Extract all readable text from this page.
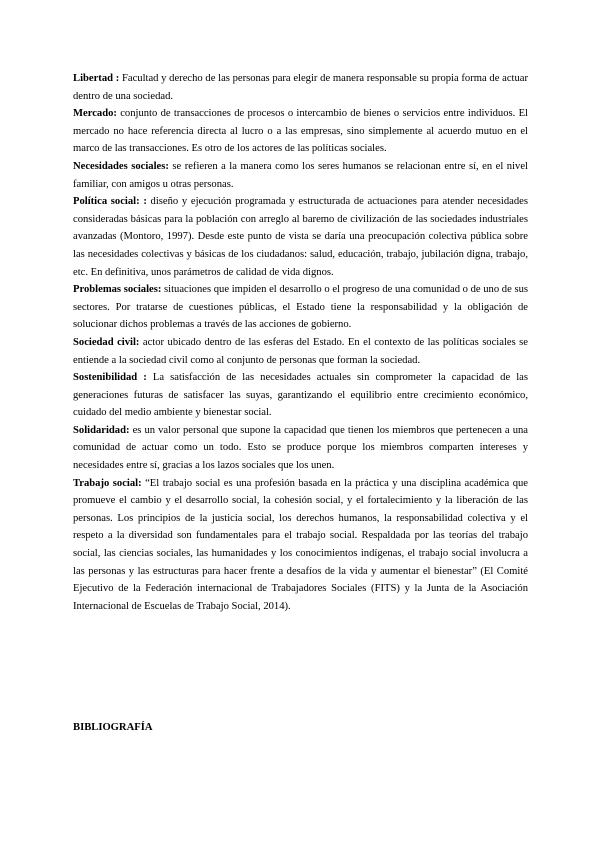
Libertad : Facultad y derecho de las personas para elegir de manera responsable su propia forma de actuar dentro de una sociedad.

Mercado: conjunto de transacciones de procesos o intercambio de bienes o servicios entre individuos. El mercado no hace referencia directa al lucro o a las empresas, sino simplemente al acuerdo mutuo en el marco de las transacciones. Es otro de los actores de las políticas sociales.

Necesidades sociales: se refieren a la manera como los seres humanos se relacionan entre sí, en el nivel familiar, con amigos u otras personas.

Política social: : diseño y ejecución programada y estructurada de actuaciones para atender necesidades consideradas básicas para la población con arreglo al baremo de civilización de las sociedades industriales avanzadas (Montoro, 1997). Desde este punto de vista se daría una preocupación colectiva pública sobre las necesidades colectivas y básicas de los ciudadanos: salud, educación, trabajo, jubilación digna, trabajo, etc. En definitiva, unos parámetros de calidad de vida dignos.

Problemas sociales: situaciones que impiden el desarrollo o el progreso de una comunidad o de uno de sus sectores. Por tratarse de cuestiones públicas, el Estado tiene la responsabilidad y la obligación de solucionar dichos problemas a través de las acciones de gobierno.

Sociedad civil: actor ubicado dentro de las esferas del Estado. En el contexto de las políticas sociales se entiende a la sociedad civil como al conjunto de personas que forman la sociedad.

Sostenibilidad : La satisfacción de las necesidades actuales sin comprometer la capacidad de las generaciones futuras de satisfacer las suyas, garantizando el equilibrio entre crecimiento económico, cuidado del medio ambiente y bienestar social.

Solidaridad: es un valor personal que supone la capacidad que tienen los miembros que pertenecen a una comunidad de actuar como un todo. Esto se produce porque los miembros comparten intereses y necesidades entre sí, gracias a los lazos sociales que los unen.

Trabajo social: “El trabajo social es una profesión basada en la práctica y una disciplina académica que promueve el cambio y el desarrollo social, la cohesión social, y el fortalecimiento y la liberación de las personas. Los principios de la justicia social, los derechos humanos, la responsabilidad colectiva y el respeto a la diversidad son fundamentales para el trabajo social. Respaldada por las teorías del trabajo social, las ciencias sociales, las humanidades y los conocimientos indígenas, el trabajo social involucra a las personas y las estructuras para hacer frente a desafíos de la vida y aumentar el bienestar” (El Comité Ejecutivo de la Federación internacional de Trabajadores Sociales (FITS) y la Junta de la Asociación Internacional de Escuelas de Trabajo Social, 2014).

BIBLIOGRAFÍA
